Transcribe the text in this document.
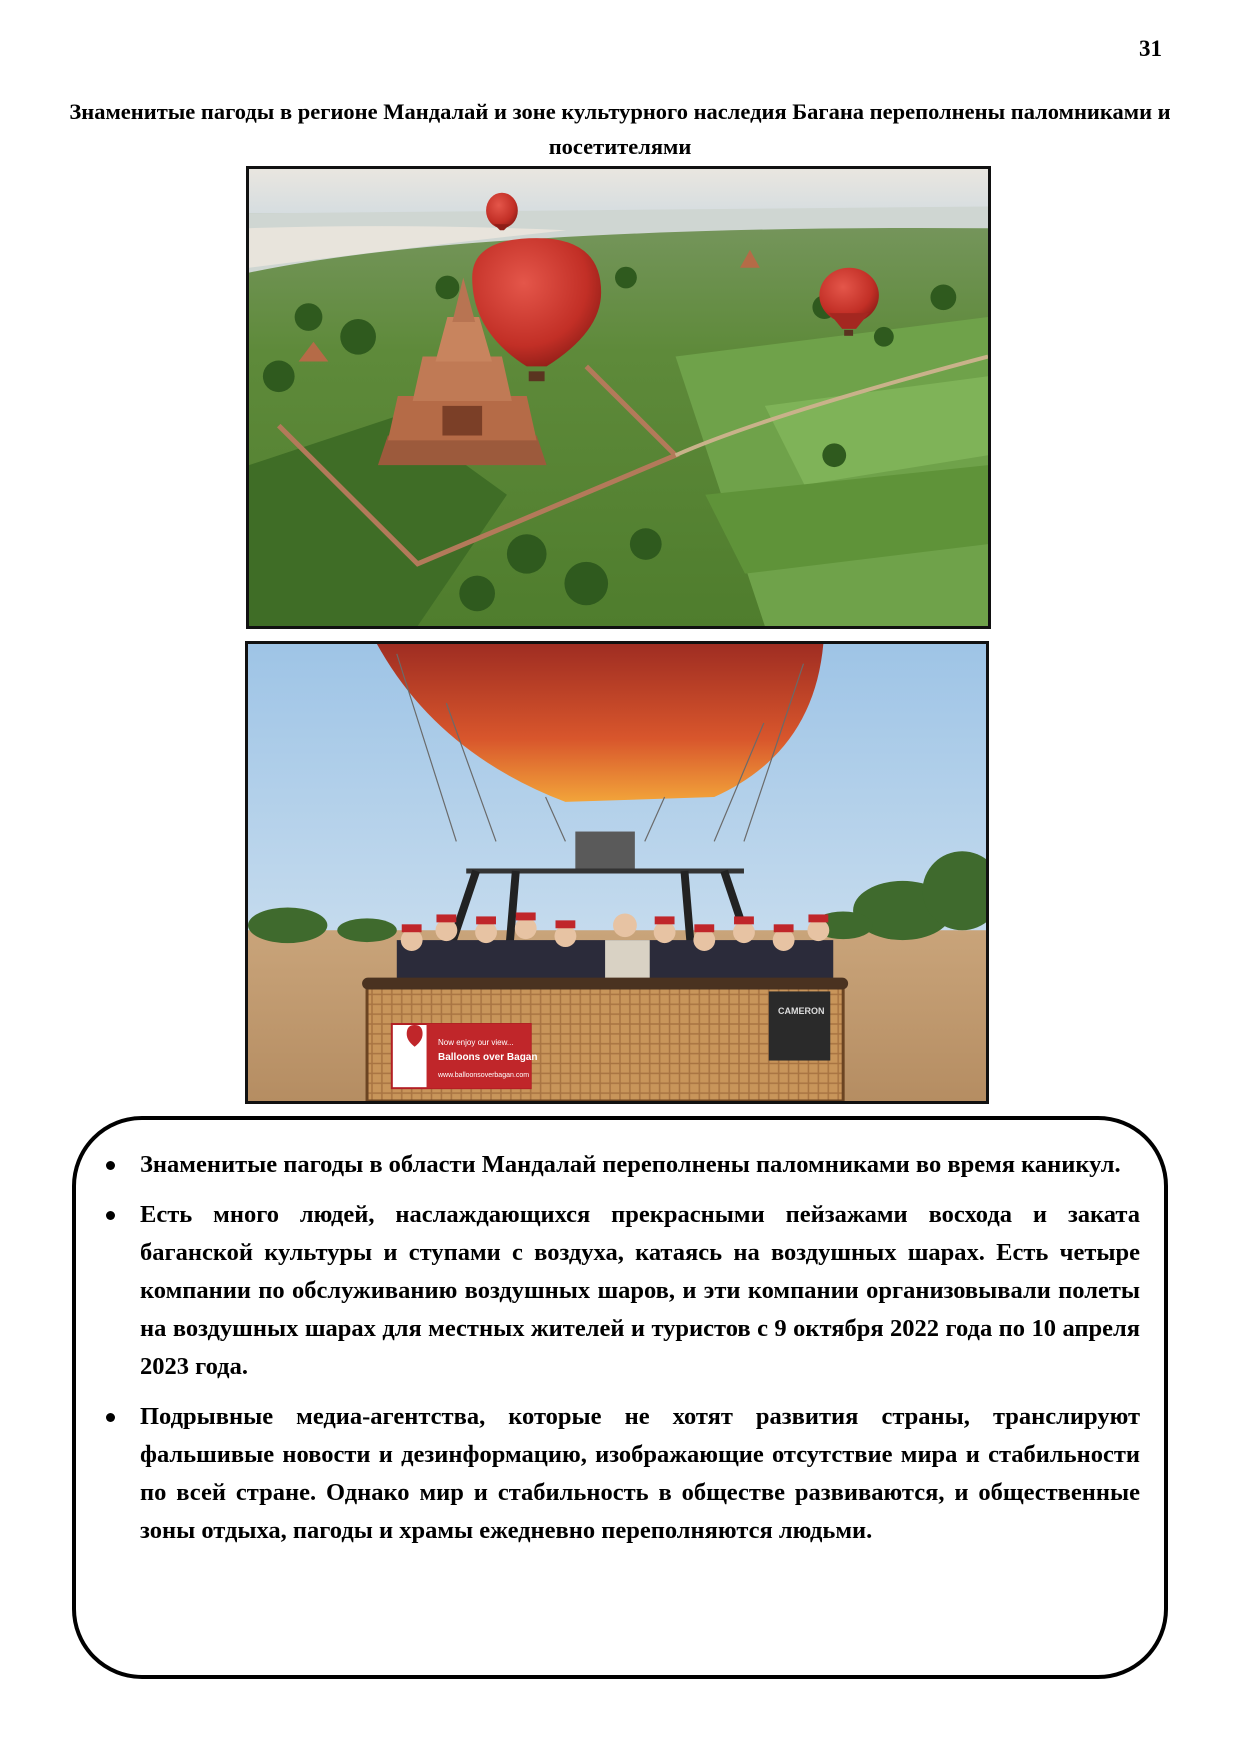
31
Знаменитые пагоды в регионе Мандалай и зоне культурного наследия Багана переполнены паломниками и посетителями
Now enjoy our view...
Balloons over Bagan
www.balloonsoverbagan.com
CAMERON
Знаменитые пагоды в области Мандалай переполнены паломниками во время каникул.
Есть много людей, наслаждающихся прекрасными пейзажами восхода и заката баганской культуры и ступами с воздуха, катаясь на воздушных шарах. Есть четыре компании по обслуживанию воздушных шаров, и эти компании организовывали полеты на воздушных шарах для местных жителей и туристов с 9 октября 2022 года по 10 апреля 2023 года.
Подрывные медиа-агентства, которые не хотят развития страны, транслируют фальшивые новости и дезинформацию, изображающие отсутствие мира и стабильности по всей стране. Однако мир и стабильность в обществе развиваются, и общественные зоны отдыха, пагоды и храмы ежедневно переполняются людьми.
